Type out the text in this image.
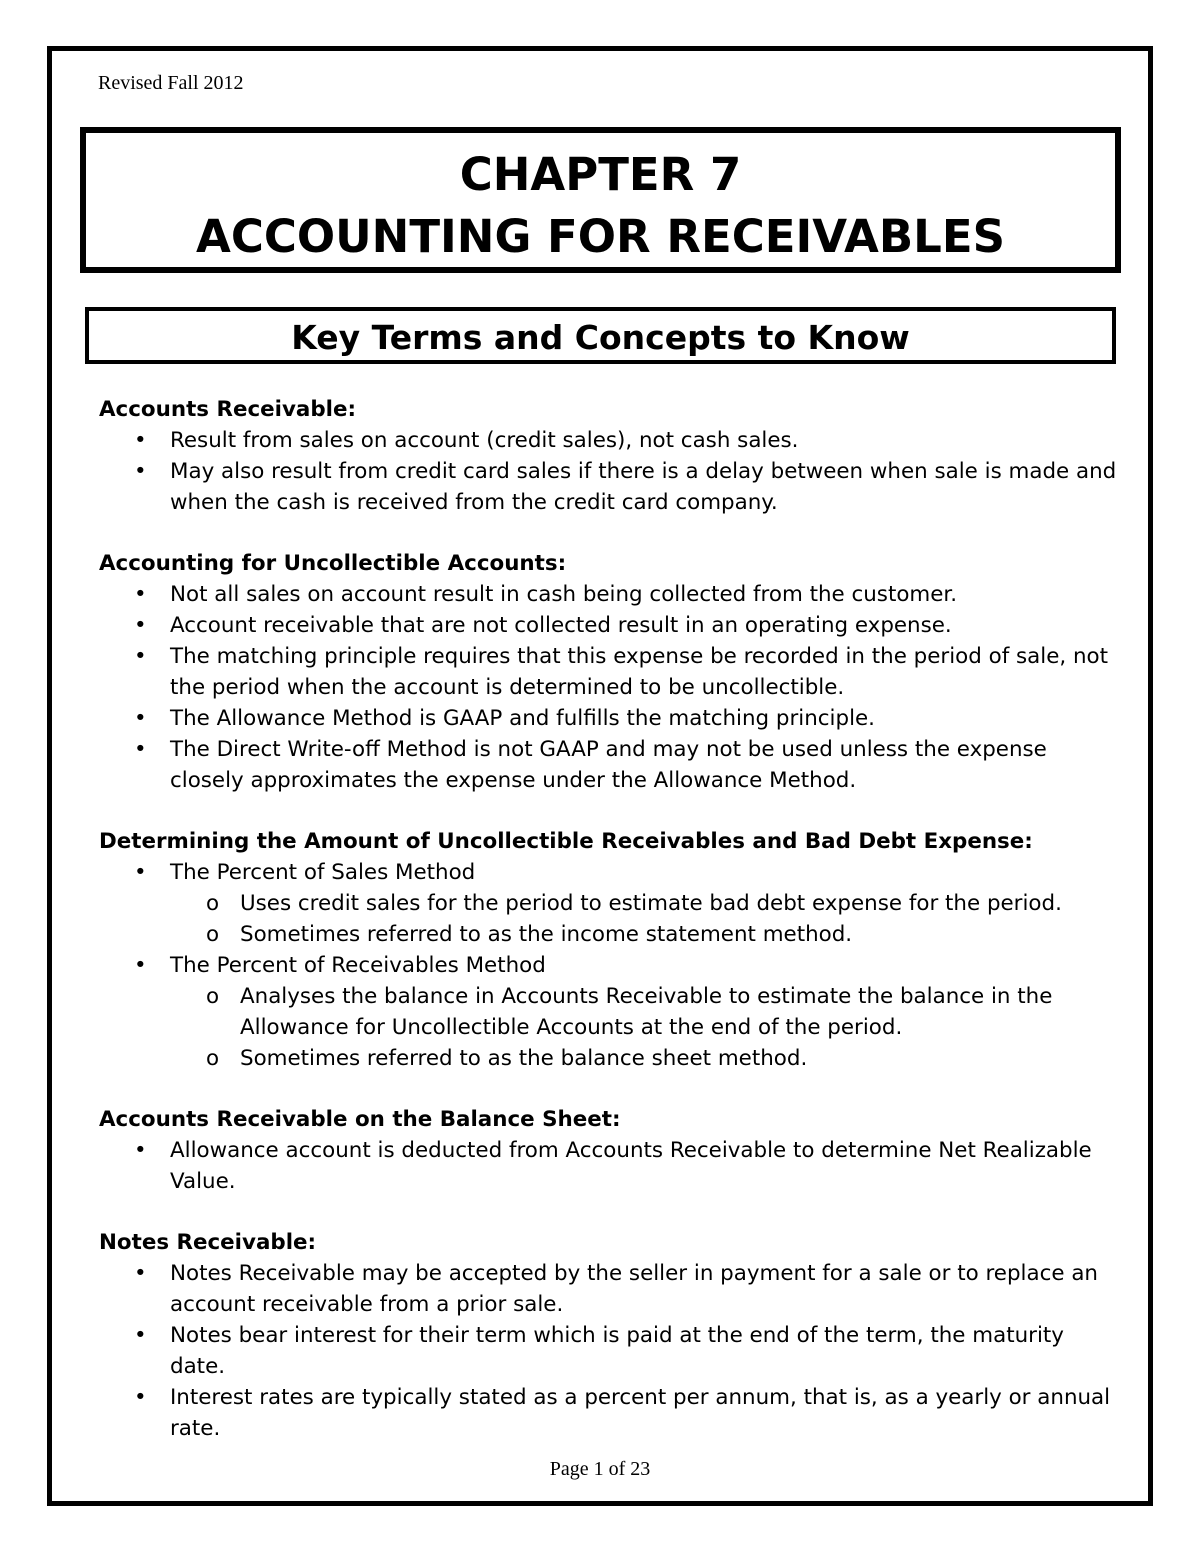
Revised Fall 2012
CHAPTER 7
ACCOUNTING FOR RECEIVABLES
Key Terms and Concepts to Know
Accounts Receivable:
• Result from sales on account (credit sales), not cash sales.
• May also result from credit card sales if there is a delay between when sale is made and when the cash is received from the credit card company.
Accounting for Uncollectible Accounts:
• Not all sales on account result in cash being collected from the customer.
• Account receivable that are not collected result in an operating expense.
• The matching principle requires that this expense be recorded in the period of sale, not the period when the account is determined to be uncollectible.
• The Allowance Method is GAAP and fulfills the matching principle.
• The Direct Write-off Method is not GAAP and may not be used unless the expense closely approximates the expense under the Allowance Method.
Determining the Amount of Uncollectible Receivables and Bad Debt Expense:
• The Percent of Sales Method
o Uses credit sales for the period to estimate bad debt expense for the period.
o Sometimes referred to as the income statement method.
• The Percent of Receivables Method
o Analyses the balance in Accounts Receivable to estimate the balance in the Allowance for Uncollectible Accounts at the end of the period.
o Sometimes referred to as the balance sheet method.
Accounts Receivable on the Balance Sheet:
• Allowance account is deducted from Accounts Receivable to determine Net Realizable Value.
Notes Receivable:
• Notes Receivable may be accepted by the seller in payment for a sale or to replace an account receivable from a prior sale.
• Notes bear interest for their term which is paid at the end of the term, the maturity date.
• Interest rates are typically stated as a percent per annum, that is, as a yearly or annual rate.
Page 1 of 23
